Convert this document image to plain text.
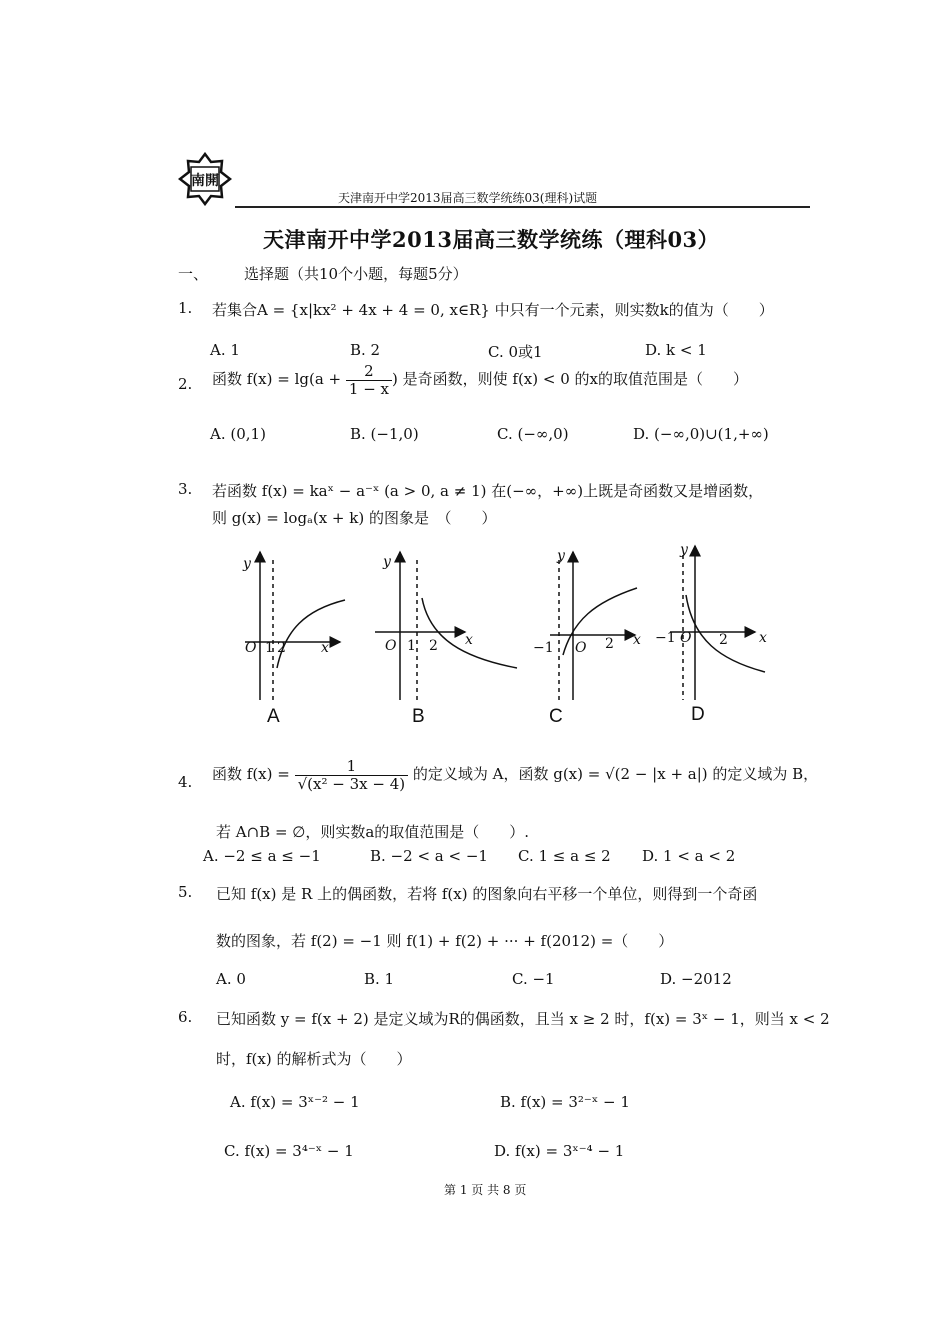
南開
天津南开中学2013届高三数学统练03(理科)试题
天津南开中学2013届高三数学统练（理科03）
一、 选择题（共10个小题，每题5分）
1. 若集合A = {x|kx² + 4x + 4 = 0, x∈R} 中只有一个元素，则实数k的值为（　　）
A. 1	B. 2	C. 0或1	D. k < 1
2. 函数 $f(x) = \lg(a + \frac{2}{1 - x}$ ) 是奇函数，则使 f(x) < 0 的x的取值范围是（　　）
A. (0,1)	B. (−1,0)	C. (−∞,0)	D. (−∞,0)∪(1,+∞)
3. 若函数 f(x) = kaˣ − a⁻ˣ (a > 0, a ≠ 1) 在(−∞，+∞)上既是奇函数又是增函数，
则 g(x) = logₐ(x + k) 的图象是　（　　）
y
O 1 2	x
y
O 1 2 x
y
−1 O 2 x
y
−1 O 2 x
A	B	C	D
4. 函数 $f(x) = \frac{1}{\text{√(x² − 3x − 4)}}$ 的定义域为 A，函数 g(x) = √(2 − |x + a|) 的定义域为 B，
若 A∩B = ∅，则实数a的取值范围是（　　）.
A. −2 ≤ a ≤ −1	B. −2 < a < −1 C. 1 ≤ a ≤ 2 D. 1 < a < 2
5. 已知 f(x) 是 R 上的偶函数，若将 f(x) 的图象向右平移一个单位，则得到一个奇函
数的图象，若 f(2) = −1 则 f(1) + f(2) + ··· + f(2012) =（　　）
A. 0	B. 1	C. −1	D. −2012
6. 已知函数 y = f(x + 2) 是定义域为R的偶函数，且当 x ≥ 2 时，f(x) = 3ˣ − 1，则当 x < 2
时，f(x) 的解析式为（　　）
A. f(x) = 3ˣ⁻² − 1	B. f(x) = 3²⁻ˣ − 1
C. f(x) = 3⁴⁻ˣ − 1	D. f(x) = 3ˣ⁻⁴ − 1
第 1 页 共 8 页
